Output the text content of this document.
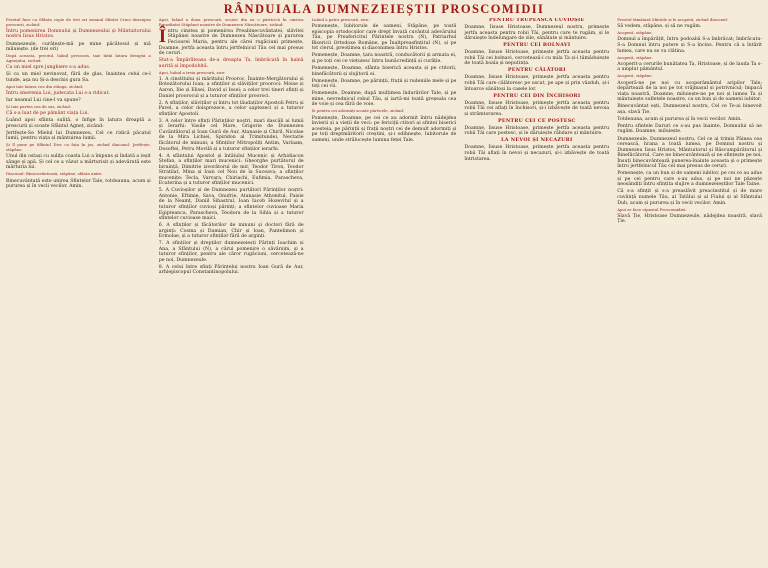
RÂNDUIALA DUMNEZEIEȘTII PROSCOMIDII

Preotul face cu Sfânta copie de trei ori semnul Sfintei Cruci deasupra prescurii, zicând:

Întru pomenirea Domnului și Dumnezeului și Mântuitorului nostru Iisus Hristos.

Dumnezeule, curățește-mă pe mine păcătosul și mă miluiește. (de trei ori)

După aceasta, preotul, luând prescura, taie întâi latura dreaptă a Agneţului, zicând:

Ca un miel spre junghiere s-a adus.

Și ca un miel nevinovat, fără de glas, înaintea celui ce-l tunde, așa nu Și-a deschis gura Sa.

Apoi taie latura cea din stânga, zicând:

Întru smerenia Lui, judecata Lui s-a ridicat.

Iar neamul Lui cine-l va spune?

Și taie partea cea de sus, zicând:

Că s-a luat de pe pământ viața Lui.

Luând apoi sfânta suliță, o înfige în latura dreaptă a prescurii și scoate Sfântul Agneț, zicând:

Jertfește-Se Mielul lui Dumnezeu, Cel ce ridică păcatul lumii, pentru viața și mântuirea lumii.

Și îl pune pe Sfântul Disc cu fața în jos, zicând diaconul: Jertfește, stăpâne.

Unul din ostași cu sulița coasta Lui a împuns și îndată a ieșit sânge și apă. Și cel ce a văzut a mărturisit și adevărată este mărturia lui.

Diaconul: Binecuvântează, stăpâne, sfânta unire.

Binecuvântată este unirea Sfintelor Tale, totdeauna, acum și pururea și în vecii vecilor. Amin.

Apoi, luând a doua prescură, scoate din ea o părticică în cinstea Preasfintei Stăpânei noastre de Dumnezeu Născătoare, zicând:

Întru cinstea și pomenirea Preabinecuvântatei, slăvitei Stăpânei noastre de Dumnezeu Născătoare și pururea Fecioarei Maria, pentru ale cărei rugăciuni primește, Doamne, jertfa aceasta întru jertfelnicul Tău cel mai presus de ceruri.

Stat-a Împărăteasa de-a dreapta Ta, îmbrăcată în haină aurită și împodobită.

Apoi, luând a treia prescură, zice:

1. A cinstitului și măritului Prooroc, Înainte-Mergătorului și Botezătorului Ioan; a sfinților și slăviților prooroci: Moise și Aaron, Ilie și Elisei, David și Iesei; a celor trei tineri sfinți și Daniel proorocul și a tuturor sfinților prooroci.

2. A sfinților, slăviților și întru tot lăudaților Apostoli Petru și Pavel, a celor doisprezece, a celor șaptezeci și a tuturor sfinților Apostoli.

3. A celor între sfinți Părinților noștri, mari dascăli ai lumii și Ierarhi: Vasile cel Mare, Grigorie de Dumnezeu Cuvântătorul și Ioan Gură de Aur, Atanasie și Chiril, Nicolae de la Mira Lichiei, Spiridon al Trimitundei, Nectarie făcătorul de minuni; a Sfinților Mitropoliți Antim, Varlaam, Dosoftei, Petru Movilă și a tuturor sfinților ierarhi.

4. A sfântului Apostol și întâiului Mucenic și Arhidiacon Ștefan, a sfinților mari mucenici: Gheorghe purtătorul de biruință, Dimitrie izvorâtorul de mir, Teodor Tiron, Teodor Stratilat, Mina și Ioan cel Nou de la Suceava; a sfinților mucenițe: Tecla, Varvara, Chiriachi, Eufimia, Parascheva, Ecaterina și a tuturor sfinților mucenici.

5. A Cuvioșilor și de Dumnezeu purtători Părinților noștri: Antonie, Eftimie, Sava, Onufrie, Atanasie Athonitul, Paisie de la Neamț, Daniil Sihastrul, Ioan Iacob Hozevitul și a tuturor sfinților cuvioși părinți; a sfintelor cuvioase Maria Egipteanca, Parascheva, Teodora de la Sihla și a tuturor sfintelor cuvioase maici.

6. A sfinților și făcătorilor de minuni și doctori fără de arginți: Cosma și Damian, Chir și Ioan, Pantelimon și Ermolae, și a tuturor sfinților fără de arginți.

7. A sfinților și drepților dumnezeiești Părinți Ioachim și Ana, a Sfântului (N), a cărui pomenire o săvârșim, și a tuturor sfinților, pentru ale căror rugăciuni, cercetează-ne pe noi, Dumnezeule.

8. A celui între sfinți Părintelui nostru Ioan Gură de Aur, arhiepiscopul Constantinopolului.

Luând a patra prescură, zice:

Pomenește, Iubitorule de oameni, Stăpâne, pe toată episcopia ortodocșilor care drept învață cuvântul adevărului Tău, pe Preafericitul Părintele nostru (N), Patriarhul Bisericii Ortodoxe Române, pe Înaltpreasfințitul (N), și pe tot clerul, preoțimea și diaconimea întru Hristos.

Pomenește, Doamne, țara noastră, conducătorii și armata ei, și pe toți cei ce viețuiesc întru bunăcredință și curăție.

Pomenește, Doamne, sfânta biserică aceasta și pe ctitorii, binefăcătorii și slujitorii ei.

Pomenește, Doamne, pe părinții, frații și rudeniile mele și pe toți cei vii.

Pomenește, Doamne, după mulțimea îndurărilor Tale, și pe mine, nevrednicul robul Tău, și iartă-mi toată greșeala cea de voie și cea fără de voie.

Și pentru cei adormiți scoate părticele, zicând:

Pomenește, Doamne, pe cei ce au adormit întru nădejdea învierii și a vieții de veci: pe fericiții ctitori ai sfintei biserici acesteia, pe părinții și frații noștri cei de demult adormiți și pe toți dreptmăritorii creștini, și-i odihnește, Iubitorule de oameni, unde strălucește lumina feței Tale.

PENTRU TRUPEASCĂ CUVIOȘIE

Doamne, Iisuse Hristoase, Dumnezeul nostru, primește jertfa aceasta pentru robii Tăi, pentru care te rugăm, și le dăruiește îndelungare de zile, sănătate și mântuire.

PENTRU CEI BOLNAVI

Doamne, Iisuse Hristoase, primește jertfa aceasta pentru robii Tăi cei bolnavi, cercetează-i cu mila Ta și-i tămăduiește de toată boala și neputința.

PENTRU CĂLĂTORI

Doamne, Iisuse Hristoase, primește jertfa aceasta pentru robii Tăi care călătoresc pe uscat, pe ape și prin văzduh, și-i întoarce sănătoși la casele lor.

PENTRU CEI DIN ÎNCHISORI

Doamne, Iisuse Hristoase, primește jertfa aceasta pentru robii Tăi cei aflați în închisori, și-i izbăvește de toată nevoia și strâmtorarea.

PENTRU CEI CE POSTESC

Doamne, Iisuse Hristoase, primește jertfa aceasta pentru robii Tăi care postesc, și le dăruiește răbdare și mântuire.

LA NEVOI ȘI NECAZURI

Doamne, Iisuse Hristoase, primește jertfa aceasta pentru robii Tăi aflați în nevoi și necazuri, și-i izbăvește de toată întristarea.

Preotul tămâiază Sfintele și le acoperă, zicând diaconul:

Să vedem, stăpâne, și să ne rugăm.

Acoperă, stăpâne.

Domnul a împărățit, întru podoabă S-a îmbrăcat; îmbrăcatu-S-a Domnul întru putere și S-a încins. Pentru că a întărit lumea, care nu se va clătina.

Acoperă, stăpâne.

Acoperit-a cerurile bunătatea Ta, Hristoase, și de lauda Ta s-a umplut pământul.

Acoperă, stăpâne.

Acoperă-ne pe noi cu acoperământul aripilor Tale; depărtează de la noi pe tot vrăjmașul și potrivnicul; împacă viața noastră, Doamne, miluiește-ne pe noi și lumea Ta și mântuiește sufletele noastre, ca un bun și de oameni iubitor.

Binecuvântat ești, Dumnezeul nostru, Cel ce Te-ai binevoit așa, slavă Ție.

Totdeauna, acum și pururea și în vecii vecilor. Amin.

Pentru sfintele Daruri ce s-au pus înainte, Domnului să ne rugăm. Doamne, miluiește.

Dumnezeule, Dumnezeul nostru, Cel ce ai trimis Pâinea cea cerească, hrana a toată lumea, pe Domnul nostru și Dumnezeu Iisus Hristos, Mântuitorul și Răscumpărătorul și Binefăcătorul, Care ne binecuvântează și ne sfințește pe noi, Însuți binecuvântează punerea-înainte aceasta și o primește întru jertfelnicul Tău cel mai presus de ceruri.

Pomenește, ca un bun și de oameni iubitor, pe cei ce au adus și pe cei pentru care s-au adus, și pe noi ne păzește neosândiți întru sfințita slujire a dumnezeieștilor Tale Taine.

Că s-a sfințit și s-a preaslăvit preacinstitul și de mare cuviință numele Tău, al Tatălui și al Fiului și al Sfântului Duh, acum și pururea și în vecii vecilor. Amin.

Apoi se face otpustul Proscomidiei:

Slavă Ție, Hristoase Dumnezeule, nădejdea noastră, slavă Ție.
